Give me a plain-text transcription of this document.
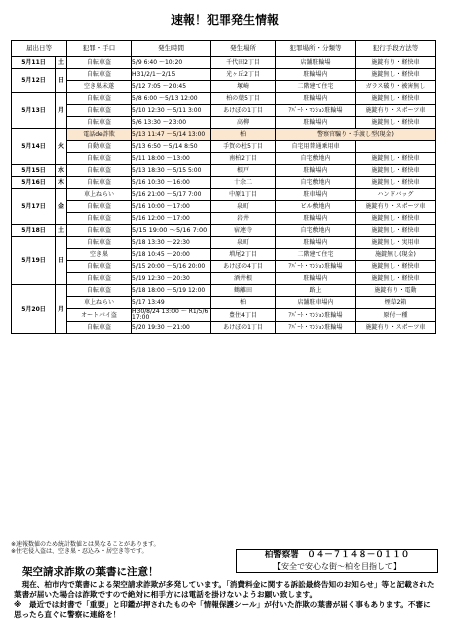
速報！犯罪発生情報
届出日等		犯罪・手口	発生時間	発生場所	犯罪場所・分類等	犯行手段方法等
5月11日	土	自転車盗	5/9 6:40 ～10:20	千代田2丁目	店舗駐輪場	施錠有り・軽快車
5月12日	日	自転車盗	H31/2/1～2/15	光ヶ丘2丁目	駐輪場内	施錠無し・軽快車
		空き巣未遂	5/12 7:05 ～20:45	塚崎	二階建て住宅	ガラス破り・被害無し
5月13日	月	自転車盗	5/8 6:00 ～5/13 12:00	柏の葉5丁目	駐輪場内	施錠無し・軽快車
		自転車盗	5/10 12:30 ～5/11 3:00	あけぼの1丁目	ｱﾊﾟｰﾄ・ﾏﾝｼｮﾝ駐輪場	施錠有り・スポーツ車
		自転車盗	5/6 13:30 ～23:00	高柳	駐輪場内	施錠無し・軽快車
5月14日	火	電話de詐欺	5/13 11:47 ～5/14 13:00	柏	警察官騙り・手渡し型(現金)	
		自動車盗	5/13 6:50 ～5/14 8:50	手賀の杜5丁目	自宅用普通乗用車	
		自転車盗	5/11 18:00 ～13:00	南柏2丁目	自宅敷地内	施錠無し・軽快車
5月15日	水	自転車盗	5/13 18:30 ～5/15 5:00	根戸	駐輪場内	施錠無し・軽快車
5月16日	木	自転車盗	5/16 10:30 ～16:00	十余二	自宅敷地内	施錠無し・軽快車
5月17日	金	車上ねらい	5/16 21:00 ～5/17 7:00	中原1丁目	駐車場内	ハンドバッグ
		自転車盗	5/16 10:00 ～17:00	泉町	ビル敷地内	施錠有り・スポーツ車
		自転車盗	5/16 12:00 ～17:00	岩井	駐輪場内	施錠無し・軽快車
5月18日	土	自転車盗	5/15 19:00 ～5/16 7:00	宿連寺	自宅敷地内	施錠無し・軽快車
5月19日	日	自転車盗	5/18 13:30 ～22:30	泉町	駐輪場内	施錠無し・実用車
		空き巣	5/18 10:45 ～20:00	増尾2丁目	二階建て住宅	施錠無し(現金)
		自転車盗	5/15 20:00 ～5/16 20:00	あけぼの4丁目	ｱﾊﾟｰﾄ・ﾏﾝｼｮﾝ駐輪場	施錠無し・軽快車
		自転車盗	5/19 12:30 ～20:30	酒井根	駐輪場内	施錠無し・軽快車
5月20日	月	自転車盗	5/18 18:00 ～5/19 12:00	鶴離田	路上	施錠有り・電動
		車上ねらい	5/17 13:49	柏	店舗駐車場内	煙草2箱
		オートバイ盗	H30/8/24 13:00 ～ R1/5/6 17:00	豊住4丁目	ｱﾊﾟｰﾄ・ﾏﾝｼｮﾝ駐輪場	原付一種
		自転車盗	5/20 19:30 ～21:00	あけぼの1丁目	ｱﾊﾟｰﾄ・ﾏﾝｼｮﾝ駐輪場	施錠有り・スポーツ車
※速報数値のため統計数値とは異なることがあります。
※住宅侵入盗は、空き巣・忍込み・居空き等です。	柏警察署　０４－７１４８－０１１０
【安全で安心な街～柏を目指して】
架空請求詐欺の葉書に注意！

現在、柏市内で葉書による架空請求詐欺が多発しています。「消費料金に関する訴訟最終告知のお知らせ」等と記載された葉書が届いた場合は詐欺ですので絶対に相手方には電話を掛けないようお願い致します。

※　最近では封書で「重要」と印鑑が押されたものや「情報保護シール」が付いた詐欺の葉書が届く事もあります。不審に思ったら直ぐに警察に連絡を！
